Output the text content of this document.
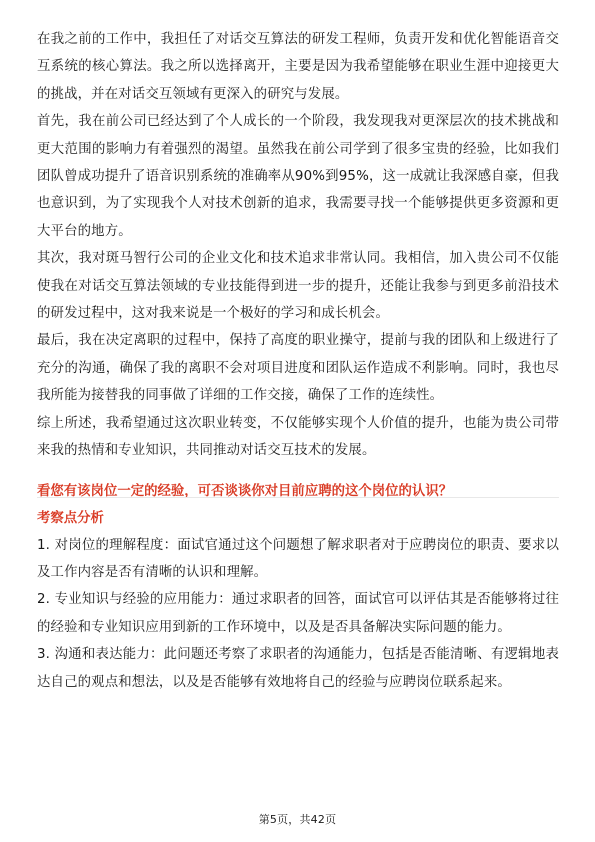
在我之前的工作中，我担任了对话交互算法的研发工程师，负责开发和优化智能语音交互系统的核心算法。我之所以选择离开，主要是因为我希望能够在职业生涯中迎接更大的挑战，并在对话交互领域有更深入的研究与发展。

首先，我在前公司已经达到了个人成长的一个阶段，我发现我对更深层次的技术挑战和更大范围的影响力有着强烈的渴望。虽然我在前公司学到了很多宝贵的经验，比如我们团队曾成功提升了语音识别系统的准确率从90%到95%，这一成就让我深感自豪，但我也意识到，为了实现我个人对技术创新的追求，我需要寻找一个能够提供更多资源和更大平台的地方。

其次，我对斑马智行公司的企业文化和技术追求非常认同。我相信，加入贵公司不仅能使我在对话交互算法领域的专业技能得到进一步的提升，还能让我参与到更多前沿技术的研发过程中，这对我来说是一个极好的学习和成长机会。

最后，我在决定离职的过程中，保持了高度的职业操守，提前与我的团队和上级进行了充分的沟通，确保了我的离职不会对项目进度和团队运作造成不利影响。同时，我也尽我所能为接替我的同事做了详细的工作交接，确保了工作的连续性。

综上所述，我希望通过这次职业转变，不仅能够实现个人价值的提升，也能为贵公司带来我的热情和专业知识，共同推动对话交互技术的发展。

看您有该岗位一定的经验，可否谈谈你对目前应聘的这个岗位的认识？

考察点分析

1. 对岗位的理解程度：面试官通过这个问题想了解求职者对于应聘岗位的职责、要求以及工作内容是否有清晰的认识和理解。

2. 专业知识与经验的应用能力：通过求职者的回答，面试官可以评估其是否能够将过往的经验和专业知识应用到新的工作环境中，以及是否具备解决实际问题的能力。

3. 沟通和表达能力：此问题还考察了求职者的沟通能力，包括是否能清晰、有逻辑地表达自己的观点和想法，以及是否能够有效地将自己的经验与应聘岗位联系起来。

第5页，共42页
